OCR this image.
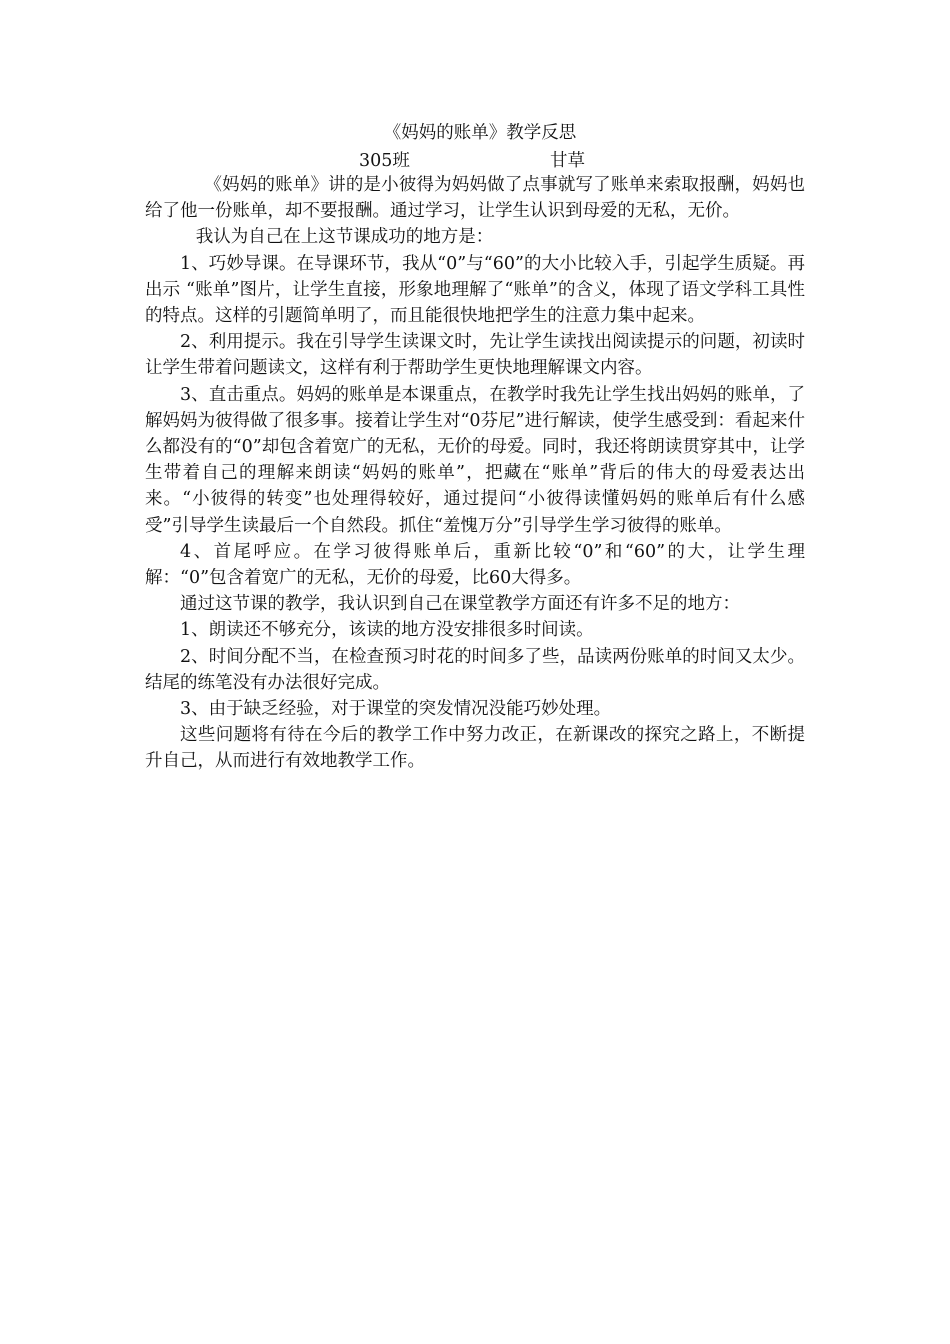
《妈妈的账单》教学反思
305班	甘草

《妈妈的账单》讲的是小彼得为妈妈做了点事就写了账单来索取报酬，妈妈也给了他一份账单，却不要报酬。通过学习，让学生认识到母爱的无私，无价。

我认为自己在上这节课成功的地方是：

1、巧妙导课。在导课环节，我从“0”与“60”的大小比较入手，引起学生质疑。再出示 “账单”图片，让学生直接，形象地理解了“账单”的含义，体现了语文学科工具性的特点。这样的引题简单明了，而且能很快地把学生的注意力集中起来。

2、利用提示。我在引导学生读课文时，先让学生读找出阅读提示的问题，初读时让学生带着问题读文，这样有利于帮助学生更快地理解课文内容。

3、直击重点。妈妈的账单是本课重点，在教学时我先让学生找出妈妈的账单，了解妈妈为彼得做了很多事。接着让学生对“0芬尼”进行解读，使学生感受到：看起来什么都没有的“0”却包含着宽广的无私，无价的母爱。同时，我还将朗读贯穿其中，让学生带着自己的理解来朗读“妈妈的账单”，把藏在“账单”背后的伟大的母爱表达出来。“小彼得的转变”也处理得较好，通过提问“小彼得读懂妈妈的账单后有什么感受”引导学生读最后一个自然段。抓住“羞愧万分”引导学生学习彼得的账单。

4、首尾呼应。在学习彼得账单后，重新比较“0”和“60”的大，让学生理解：“0”包含着宽广的无私，无价的母爱，比60大得多。

通过这节课的教学，我认识到自己在课堂教学方面还有许多不足的地方：

1、朗读还不够充分，该读的地方没安排很多时间读。

2、时间分配不当，在检查预习时花的时间多了些，品读两份账单的时间又太少。结尾的练笔没有办法很好完成。

3、由于缺乏经验，对于课堂的突发情况没能巧妙处理。

这些问题将有待在今后的教学工作中努力改正，在新课改的探究之路上，不断提升自己，从而进行有效地教学工作。
